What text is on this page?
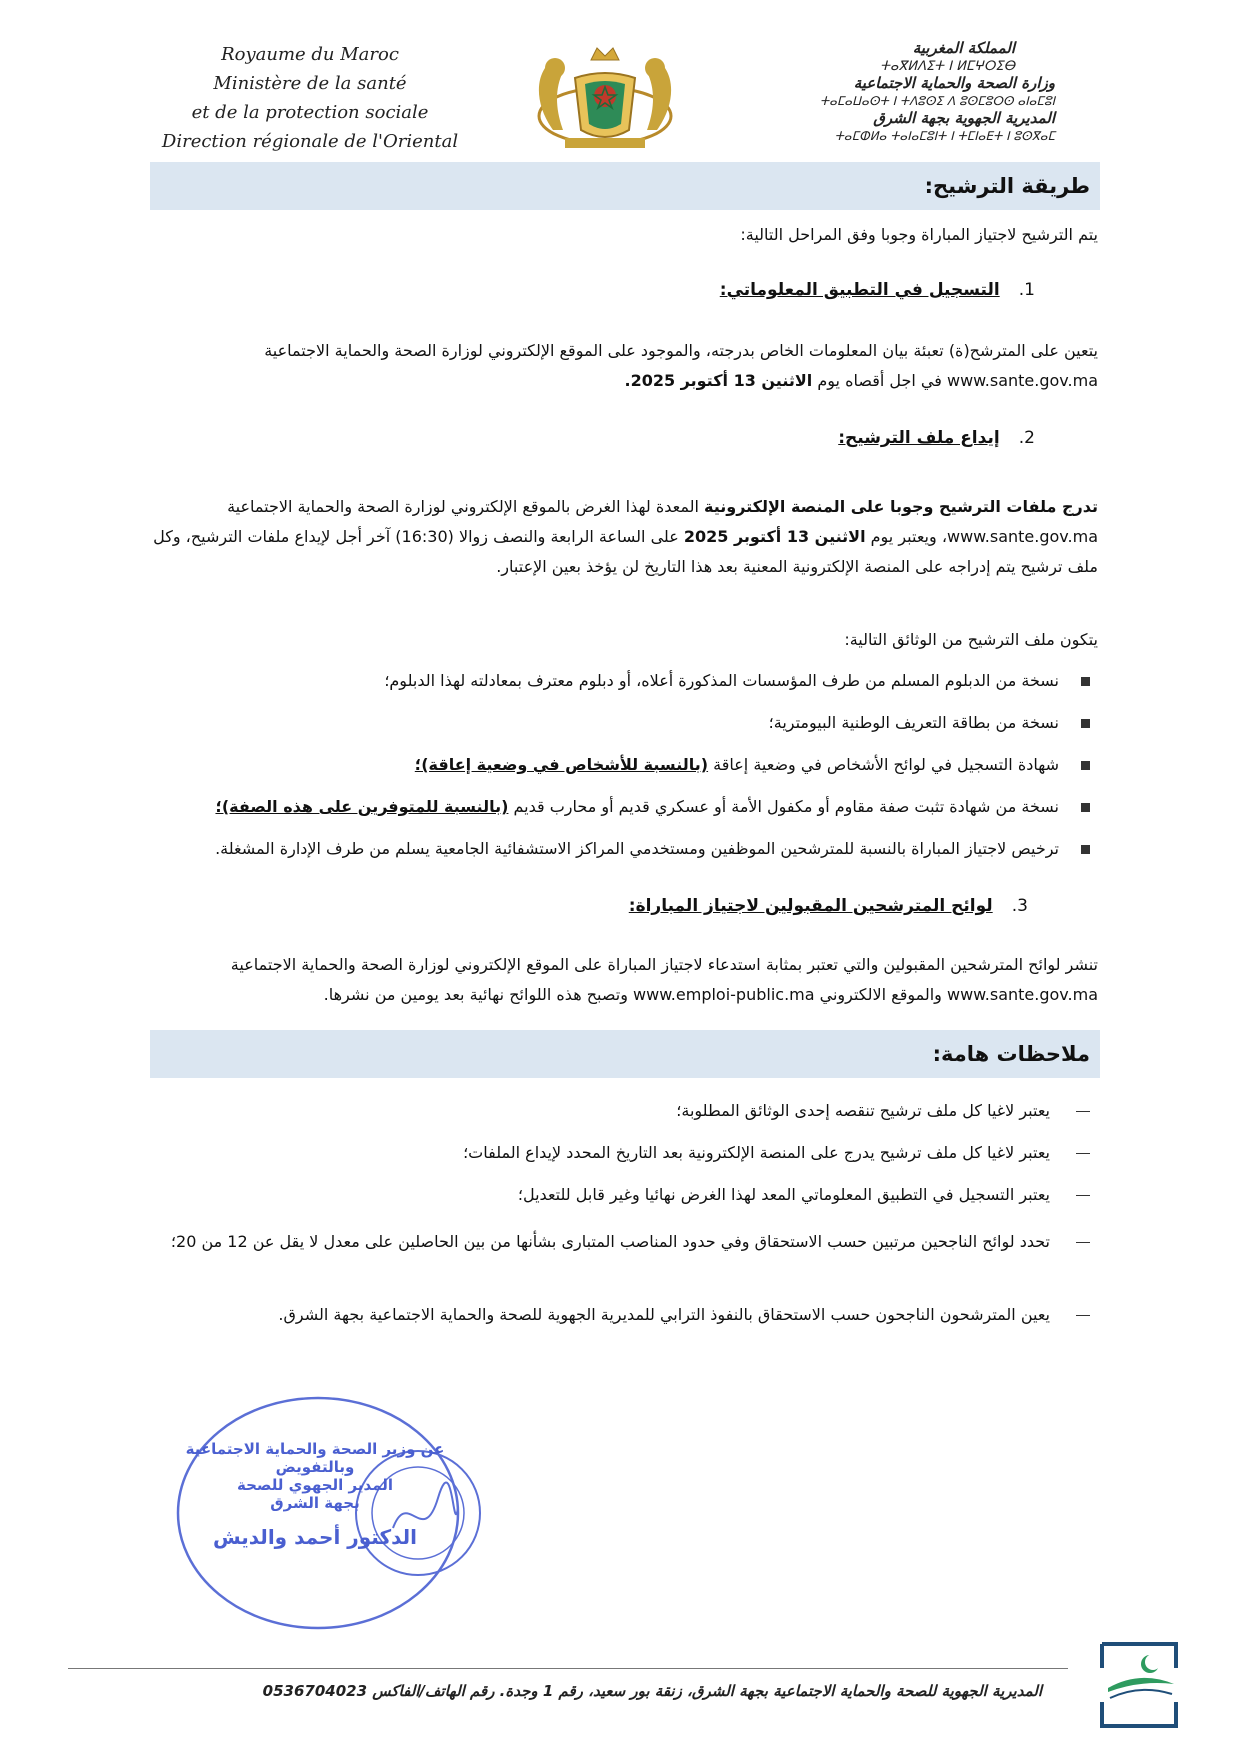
Royaume du Maroc
Ministère de la santé
et de la protection sociale
Direction régionale de l'Oriental
المملكة المغربية
ⵜⴰⴳⵍⴷⵉⵜ ⵏ ⵍⵎⵖⵔⵉⴱ
وزارة الصحة والحماية الاجتماعية
ⵜⴰⵎⴰⵡⴰⵙⵜ ⵏ ⵜⴷⵓⵙⵉ ⴷ ⵓⵙⵎⵓⵔⵙ ⴰⵏⴰⵎⵓⵏ
المديرية الجهوية بجهة الشرق
ⵜⴰⵎⵀⵍⴰ ⵜⴰⵏⴰⵎⵓⵏⵜ ⵏ ⵜⵎⵏⴰⴹⵜ ⵏ ⵓⵙⴳⴰⵎ
طريقة الترشيح:
يتم الترشيح لاجتياز المباراة وجوبا وفق المراحل التالية:
1. التسجيل في التطبيق المعلوماتي:
يتعين على المترشح(ة) تعبئة بيان المعلومات الخاص بدرجته، والموجود على الموقع الإلكتروني لوزارة الصحة والحماية الاجتماعية
www.sante.gov.ma في اجل أقصاه يوم الاثنين 13 أكتوبر 2025.
2. إيداع ملف الترشيح:
تدرج ملفات الترشيح وجوبا على المنصة الإلكترونية المعدة لهذا الغرض بالموقع الإلكتروني لوزارة الصحة والحماية الاجتماعية
www.sante.gov.ma، ويعتبر يوم الاثنين 13 أكتوبر 2025 على الساعة الرابعة والنصف زوالا (16:30) آخر أجل لإيداع ملفات الترشيح، وكل
ملف ترشيح يتم إدراجه على المنصة الإلكترونية المعنية بعد هذا التاريخ لن يؤخذ بعين الإعتبار.
يتكون ملف الترشيح من الوثائق التالية:
نسخة من الدبلوم المسلم من طرف المؤسسات المذكورة أعلاه، أو دبلوم معترف بمعادلته لهذا الدبلوم؛
نسخة من بطاقة التعريف الوطنية البيومترية؛
شهادة التسجيل في لوائح الأشخاص في وضعية إعاقة (بالنسبة للأشخاص في وضعية إعاقة)؛
نسخة من شهادة تثبت صفة مقاوم أو مكفول الأمة أو عسكري قديم أو محارب قديم (بالنسبة للمتوفرين على هذه الصفة)؛
ترخيص لاجتياز المباراة بالنسبة للمترشحين الموظفين ومستخدمي المراكز الاستشفائية الجامعية يسلم من طرف الإدارة المشغلة.
3. لوائح المترشحين المقبولين لاجتياز المباراة:
تنشر لوائح المترشحين المقبولين والتي تعتبر بمثابة استدعاء لاجتياز المباراة على الموقع الإلكتروني لوزارة الصحة والحماية الاجتماعية
www.sante.gov.ma والموقع الالكتروني www.emploi-public.ma وتصبح هذه اللوائح نهائية بعد يومين من نشرها.
ملاحظات هامة:
يعتبر لاغيا كل ملف ترشيح تنقصه إحدى الوثائق المطلوبة؛
يعتبر لاغيا كل ملف ترشيح يدرج على المنصة الإلكترونية بعد التاريخ المحدد لإيداع الملفات؛
يعتبر التسجيل في التطبيق المعلوماتي المعد لهذا الغرض نهائيا وغير قابل للتعديل؛
تحدد لوائح الناجحين مرتبين حسب الاستحقاق وفي حدود المناصب المتبارى بشأنها من بين الحاصلين على معدل لا يقل عن 12 من 20؛
يعين المترشحون الناجحون حسب الاستحقاق بالنفوذ الترابي للمديرية الجهوية للصحة والحماية الاجتماعية بجهة الشرق.
عن وزير الصحة والحماية الاجتماعية
وبالتفويض
المدير الجهوي للصحة
بجهة الشرق
الدكتور أحمد والديش
المديرية الجهوية للصحة والحماية الاجتماعية بجهة الشرق، زنقة بور سعيد، رقم 1 وجدة. رقم الهاتف/الفاكس 0536704023
